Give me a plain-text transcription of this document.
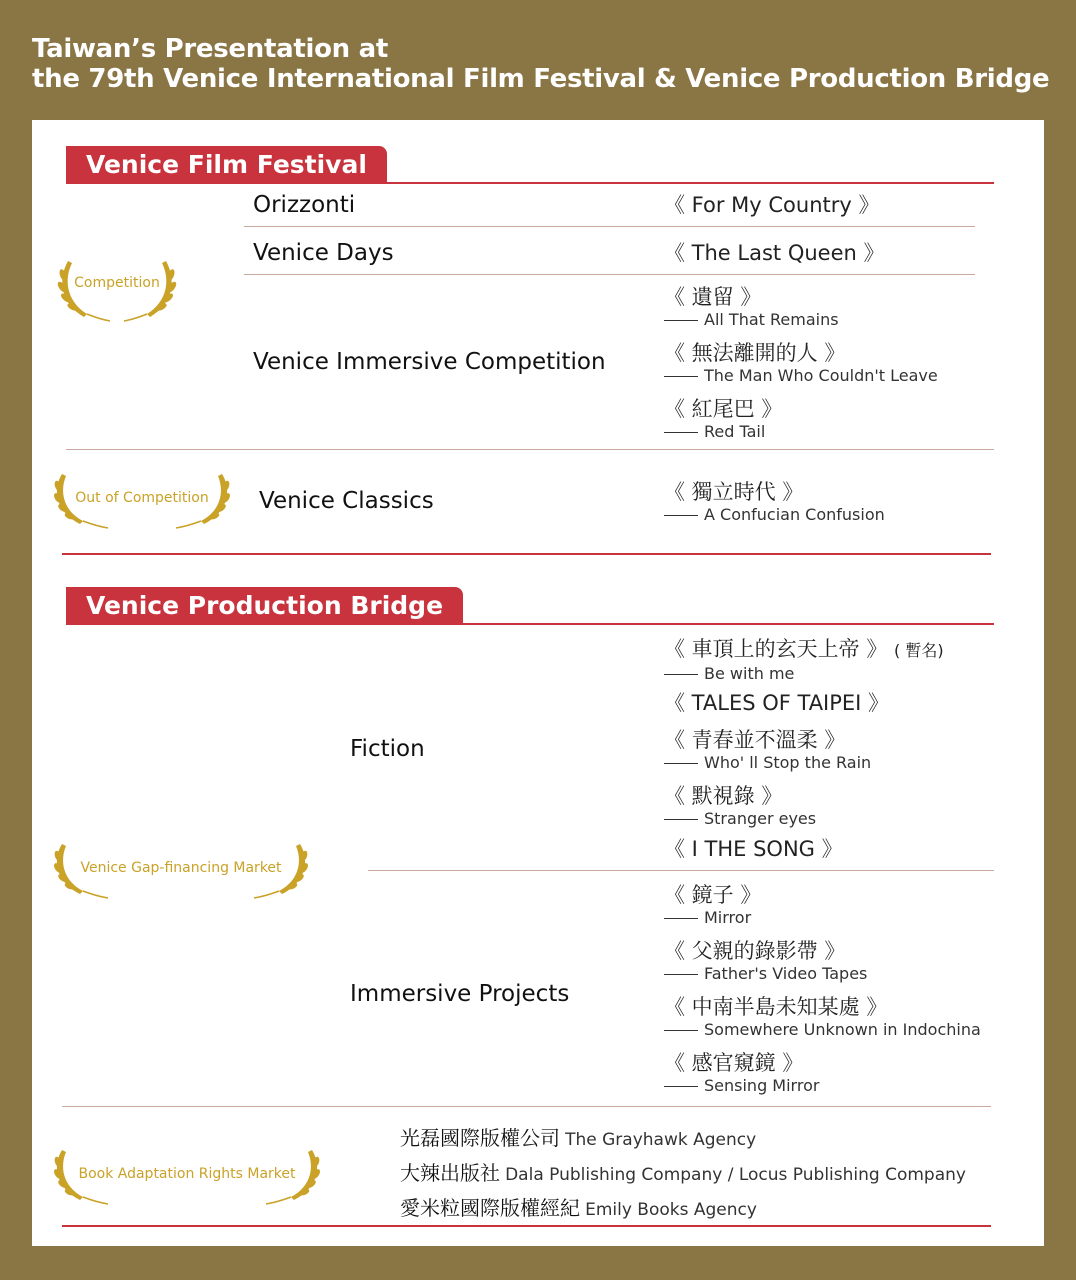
Taiwan’s Presentation at
the 79th Venice International Film Festival & Venice Production Bridge
Venice Film Festival
Competition
Orizzonti	《 For My Country 》
Venice Days	《 The Last Queen 》
Venice Immersive Competition
《 遺留 》
All That Remains
《 無法離開的人 》
The Man Who Couldn't Leave
《 紅尾巴 》
Red Tail
Out of Competition	Venice Classics	《 獨立時代 》
A Confucian Confusion
Venice Production Bridge
Venice Gap-financing Market
Fiction
《 車頂上的玄天上帝 》 ( 暫名)
Be with me
《 TALES OF TAIPEI 》
《 青春並不溫柔 》
Who' ll Stop the Rain
《 默視錄 》
Stranger eyes
《 I THE SONG 》
Immersive Projects
《 鏡子 》
Mirror
《 父親的錄影帶 》
Father's Video Tapes
《 中南半島未知某處 》
Somewhere Unknown in Indochina
《 感官窺鏡 》
Sensing Mirror
Book Adaptation Rights Market
光磊國際版權公司 The Grayhawk Agency
大辣出版社 Dala Publishing Company / Locus Publishing Company
愛米粒國際版權經紀 Emily Books Agency
